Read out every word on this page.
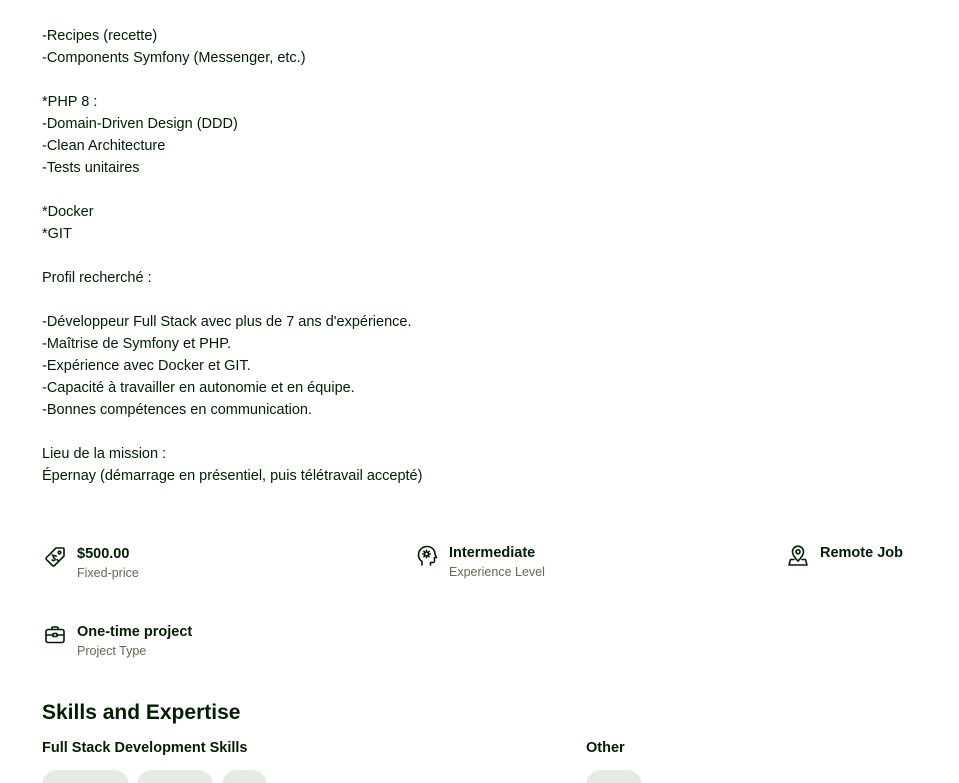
-Recipes (recette)
-Components Symfony (Messenger, etc.)
*PHP 8 :
-Domain-Driven Design (DDD)
-Clean Architecture
-Tests unitaires
*Docker
*GIT
Profil recherché :
-Développeur Full Stack avec plus de 7 ans d'expérience.
-Maîtrise de Symfony et PHP.
-Expérience avec Docker et GIT.
-Capacité à travailler en autonomie et en équipe.
-Bonnes compétences en communication.
Lieu de la mission :
Épernay (démarrage en présentiel, puis télétravail accepté)
$500.00
Fixed-price
Intermediate
Experience Level
Remote Job
One-time project
Project Type
Skills and Expertise
Full Stack Development Skills	Other
